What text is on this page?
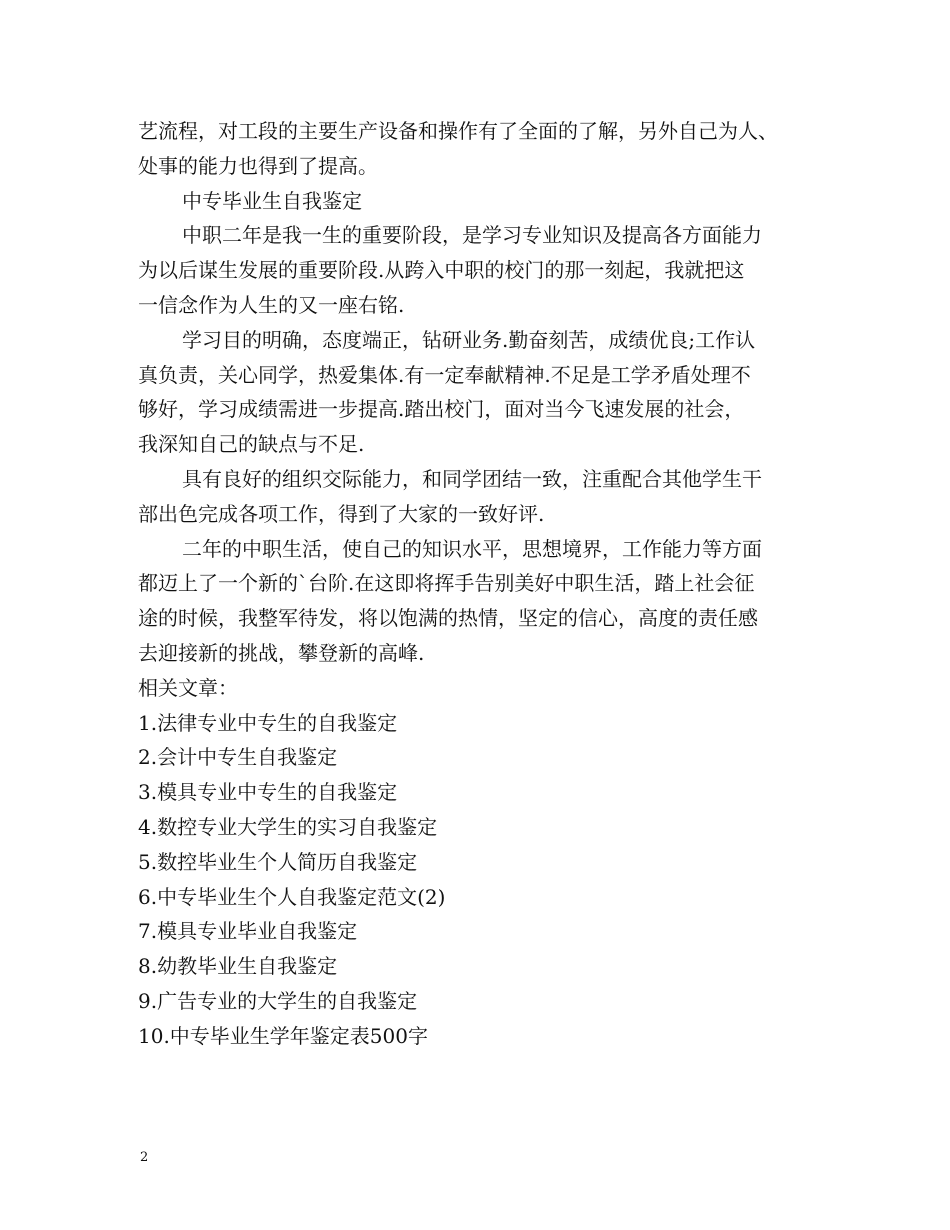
艺流程，对工段的主要生产设备和操作有了全面的了解，另外自己为人、
处事的能力也得到了提高。
中专毕业生自我鉴定
中职二年是我一生的重要阶段，是学习专业知识及提高各方面能力
为以后谋生发展的重要阶段.从跨入中职的校门的那一刻起，我就把这
一信念作为人生的又一座右铭.
学习目的明确，态度端正，钻研业务.勤奋刻苦，成绩优良;工作认
真负责，关心同学，热爱集体.有一定奉献精神.不足是工学矛盾处理不
够好，学习成绩需进一步提高.踏出校门，面对当今飞速发展的社会，
我深知自己的缺点与不足.
具有良好的组织交际能力，和同学团结一致，注重配合其他学生干
部出色完成各项工作，得到了大家的一致好评.
二年的中职生活，使自己的知识水平，思想境界，工作能力等方面
都迈上了一个新的`台阶.在这即将挥手告别美好中职生活，踏上社会征
途的时候，我整军待发，将以饱满的热情，坚定的信心，高度的责任感
去迎接新的挑战，攀登新的高峰.
相关文章：
1.法律专业中专生的自我鉴定
2.会计中专生自我鉴定
3.模具专业中专生的自我鉴定
4.数控专业大学生的实习自我鉴定
5.数控毕业生个人简历自我鉴定
6.中专毕业生个人自我鉴定范文(2)
7.模具专业毕业自我鉴定
8.幼教毕业生自我鉴定
9.广告专业的大学生的自我鉴定
10.中专毕业生学年鉴定表500字
2
